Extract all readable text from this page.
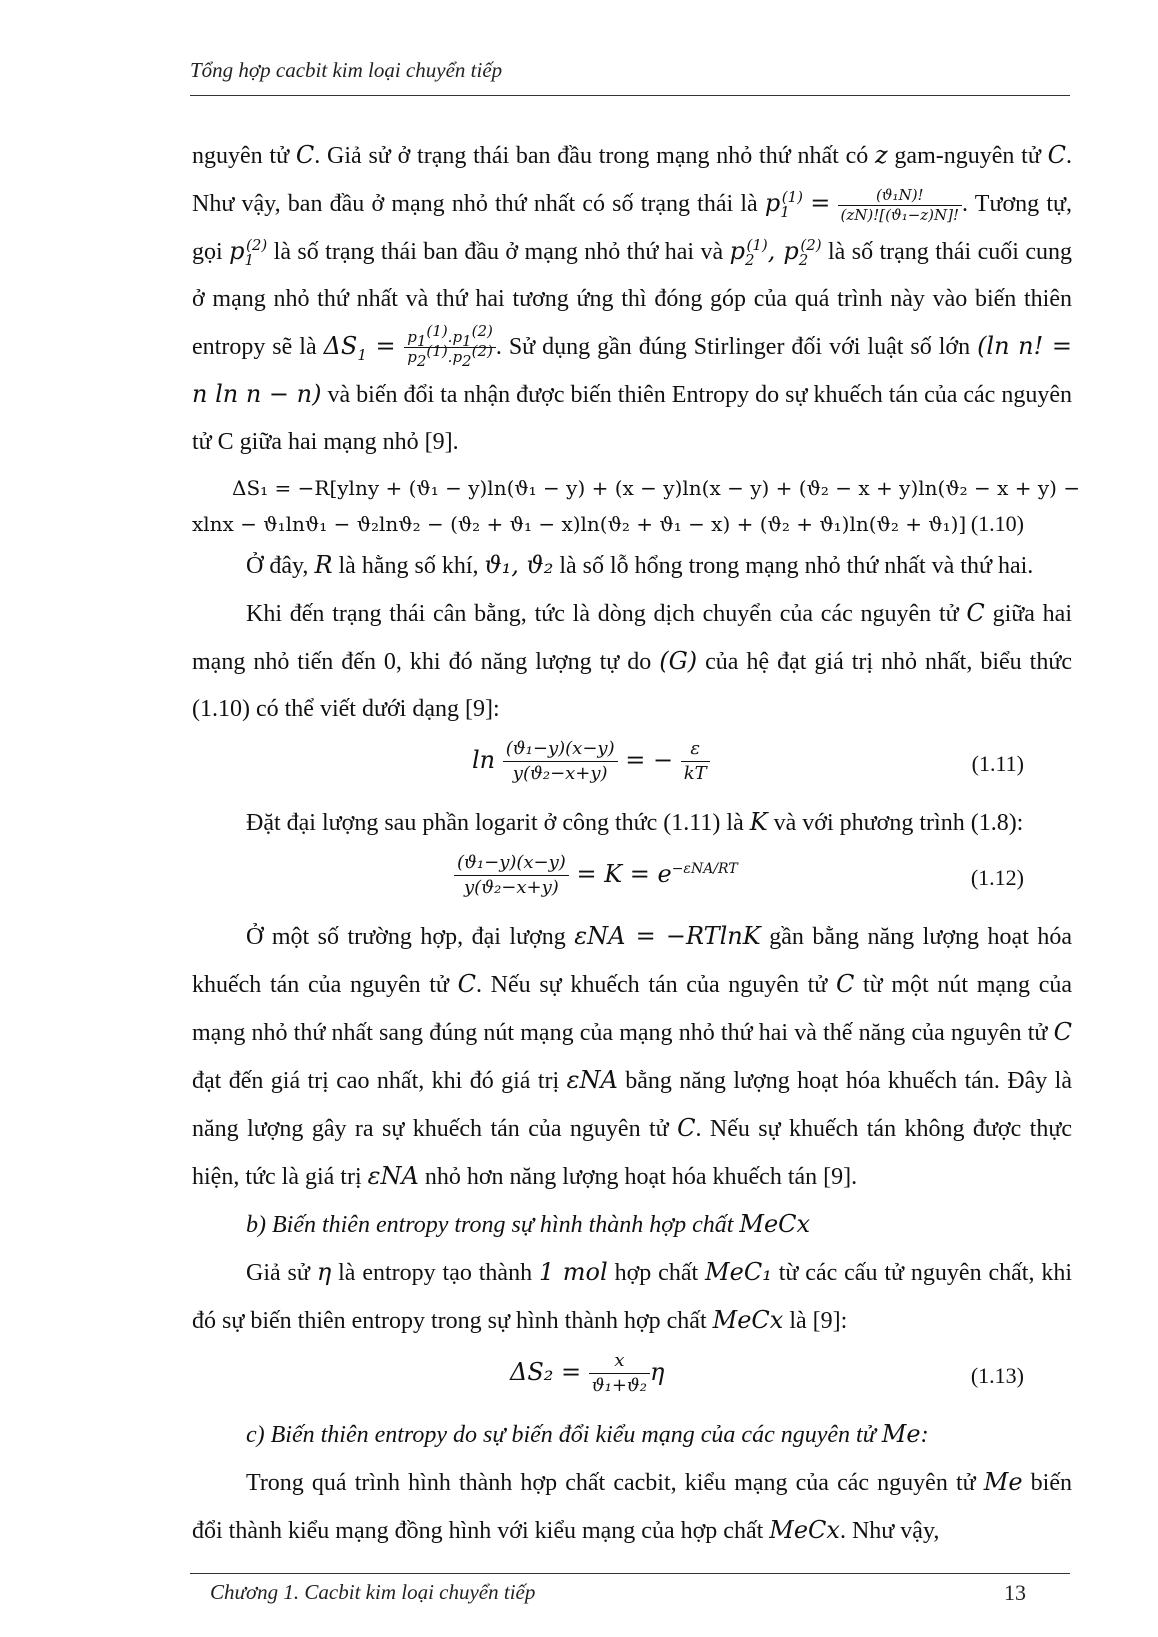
Tổng hợp cacbit kim loại chuyển tiếp

nguyên tử C. Giả sử ở trạng thái ban đầu trong mạng nhỏ thứ nhất có z gam-nguyên tử C. Như vậy, ban đầu ở mạng nhỏ thứ nhất có số trạng thái là $p_1^{(1)} = \frac{\text{(ϑ₁N)!}}{\text{(zN)![(ϑ₁−z)N]!}}$ . Tương tự, gọi $p_1^{(2)}$ là số trạng thái ban đầu ở mạng nhỏ thứ hai và $p_2^{(1)}$, $p_2^{(2)}$ là số trạng thái cuối cung ở mạng nhỏ thứ nhất và thứ hai tương ứng thì đóng góp của quá trình này vào biến thiên entropy sẽ là $\Delta S_1 = \frac{p_1^{(1)}.p_1^{(2)}}{p_2^{(1)}.p_2^{(2)}}$ . Sử dụng gần đúng Stirlinger đối với luật số lớn (ln n! = n ln n − n) và biến đổi ta nhận được biến thiên Entropy do sự khuếch tán của các nguyên tử C giữa hai mạng nhỏ [9].

ΔS₁ = −R[ylny + (ϑ₁ − y)ln(ϑ₁ − y) + (x − y)ln(x − y) + (ϑ₂ − x + y)ln(ϑ₂ − x + y) −

xlnx − ϑ₁lnϑ₁ − ϑ₂lnϑ₂ − (ϑ₂ + ϑ₁ − x)ln(ϑ₂ + ϑ₁ − x) + (ϑ₂ + ϑ₁)ln(ϑ₂ + ϑ₁)] (1.10)

Ở đây, R là hằng số khí, ϑ₁, ϑ₂ là số lỗ hổng trong mạng nhỏ thứ nhất và thứ hai.

Khi đến trạng thái cân bằng, tức là dòng dịch chuyển của các nguyên tử C giữa hai mạng nhỏ tiến đến 0, khi đó năng lượng tự do (G) của hệ đạt giá trị nhỏ nhất, biểu thức (1.10) có thể viết dưới dạng [9]:

$\ln \frac{\text{(ϑ₁−y)(x−y)}}{\text{y(ϑ₂−x+y)}}$ = − $\frac{\varepsilon}{kT}$	(1.11)

Đặt đại lượng sau phần logarit ở công thức (1.11) là K và với phương trình (1.8):

$\frac{\text{(ϑ₁−y)(x−y)}}{\text{y(ϑ₂−x+y)}} = K = e^{-\varepsilon NA/RT}$	(1.12)

Ở một số trường hợp, đại lượng εNA = −RTlnK gần bằng năng lượng hoạt hóa khuếch tán của nguyên tử C. Nếu sự khuếch tán của nguyên tử C từ một nút mạng của mạng nhỏ thứ nhất sang đúng nút mạng của mạng nhỏ thứ hai và thế năng của nguyên tử C đạt đến giá trị cao nhất, khi đó giá trị εNA bằng năng lượng hoạt hóa khuếch tán. Đây là năng lượng gây ra sự khuếch tán của nguyên tử C. Nếu sự khuếch tán không được thực hiện, tức là giá trị εNA nhỏ hơn năng lượng hoạt hóa khuếch tán [9].

b) Biến thiên entropy trong sự hình thành hợp chất MeCx

Giả sử η là entropy tạo thành 1 mol hợp chất MeC₁ từ các cấu tử nguyên chất, khi đó sự biến thiên entropy trong sự hình thành hợp chất MeCx là [9]:

$\Delta S_2 = \frac{x}{\text{ϑ₁+ϑ₂}}$ η	(1.13)

c) Biến thiên entropy do sự biến đổi kiểu mạng của các nguyên tử Me:

Trong quá trình hình thành hợp chất cacbit, kiểu mạng của các nguyên tử Me biến đổi thành kiểu mạng đồng hình với kiểu mạng của hợp chất MeCx. Như vậy,

Chương 1. Cacbit kim loại chuyển tiếp	13
